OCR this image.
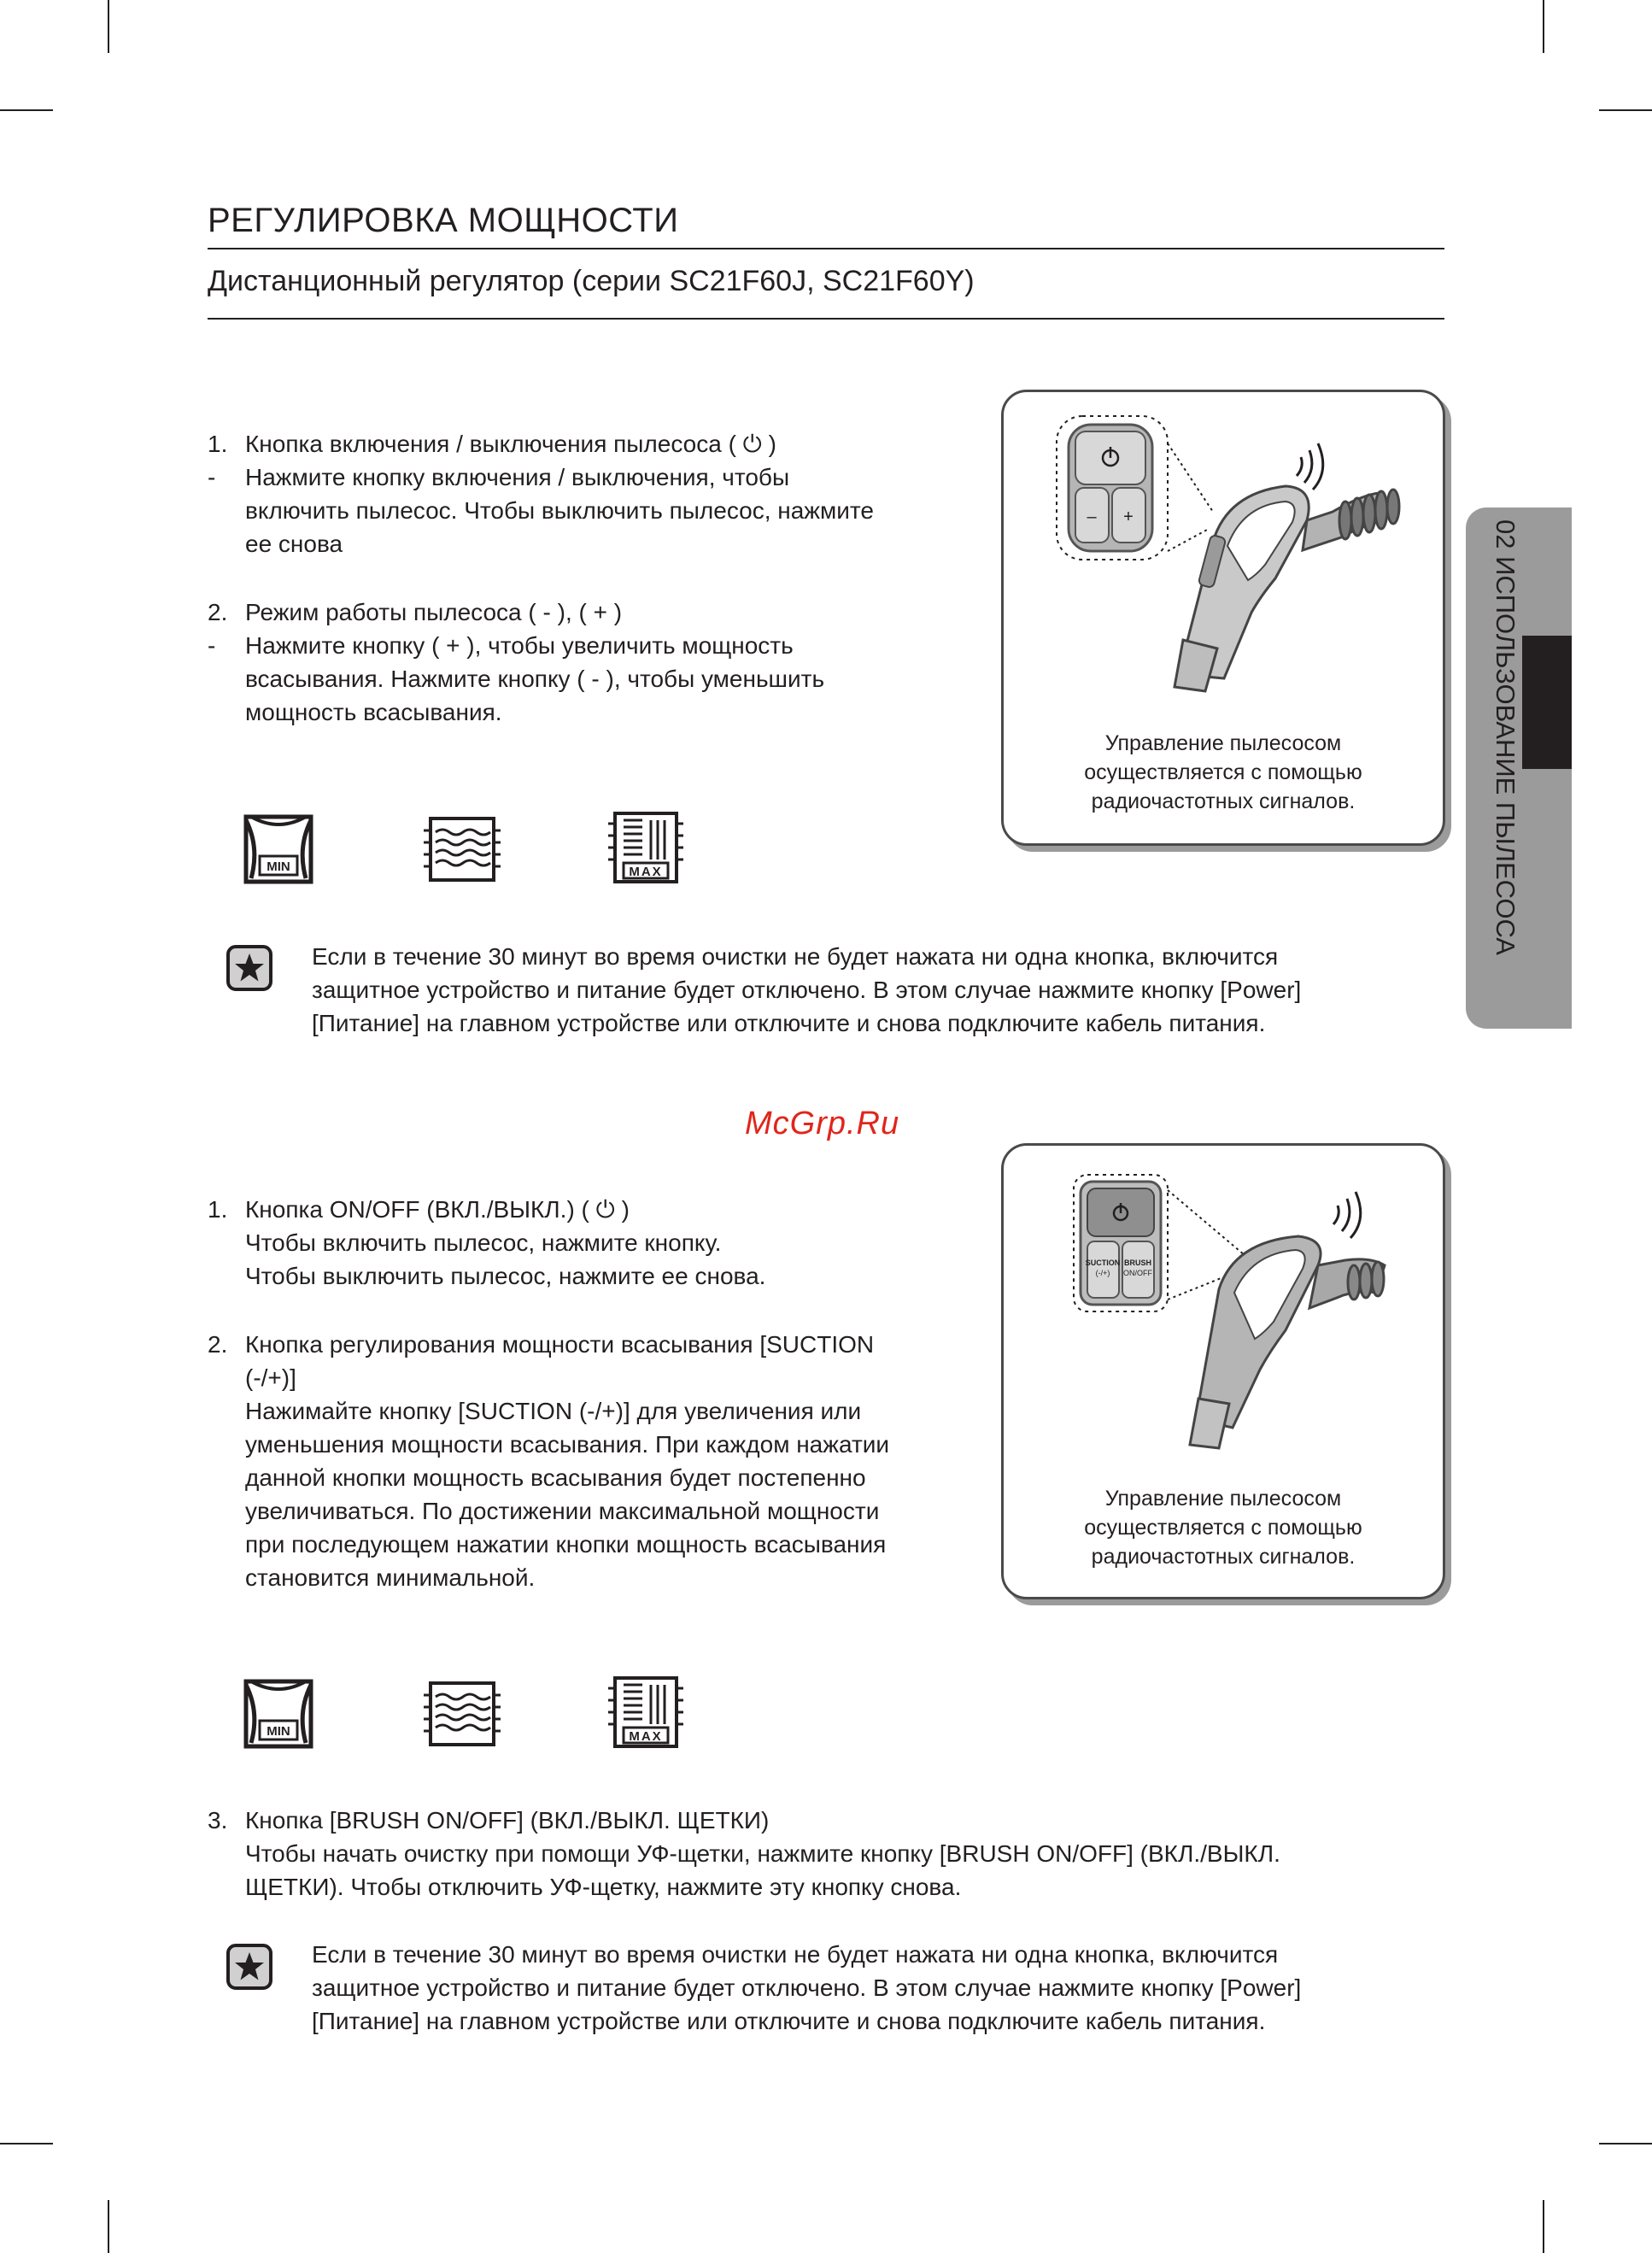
РЕГУЛИРОВКА МОЩНОСТИ
Дистанционный регулятор (серии SC21F60J, SC21F60Y)
1. Кнопка включения / выключения пылесоса ( ⏻ )
-	Нажмите кнопку включения / выключения, чтобы
включить пылесос. Чтобы выключить пылесос, нажмите
ее снова
2. Режим работы пылесоса ( - ), ( + )
-	Нажмите кнопку ( + ), чтобы увеличить мощность
всасывания. Нажмите кнопку ( - ), чтобы уменьшить
мощность всасывания.
– +
Управление пылесосом
осуществляется с помощью
радиочастотных сигналов.
MIN	MAX
Если в течение 30 минут во время очистки не будет нажата ни одна кнопка, включится
защитное устройство и питание будет отключено. В этом случае нажмите кнопку [Power]
[Питание] на главном устройстве или отключите и снова подключите кабель питания.
McGrp.Ru
1. Кнопка ON/OFF (ВКЛ./ВЫКЛ.) ( ⏻ )
Чтобы включить пылесос, нажмите кнопку.
Чтобы выключить пылесос, нажмите ее снова.
2. Кнопка регулирования мощности всасывания [SUCTION
(-/+)]
Нажимайте кнопку [SUCTION (-/+)] для увеличения или
уменьшения мощности всасывания. При каждом нажатии
данной кнопки мощность всасывания будет постепенно
увеличиваться. По достижении максимальной мощности
при последующем нажатии кнопки мощность всасывания
становится минимальной.
SUCTION
(-/+)
BRUSH
ON/OFF
Управление пылесосом
осуществляется с помощью
радиочастотных сигналов.
MIN	MAX
3. Кнопка [BRUSH ON/OFF] (ВКЛ./ВЫКЛ. ЩЕТКИ)
Чтобы начать очистку при помощи УФ-щетки, нажмите кнопку [BRUSH ON/OFF] (ВКЛ./ВЫКЛ.
ЩЕТКИ). Чтобы отключить УФ-щетку, нажмите эту кнопку снова.
Если в течение 30 минут во время очистки не будет нажата ни одна кнопка, включится
защитное устройство и питание будет отключено. В этом случае нажмите кнопку [Power]
[Питание] на главном устройстве или отключите и снова подключите кабель питания.
02 ИСПОЛЬЗОВАНИЕ ПЫЛЕСОСА
